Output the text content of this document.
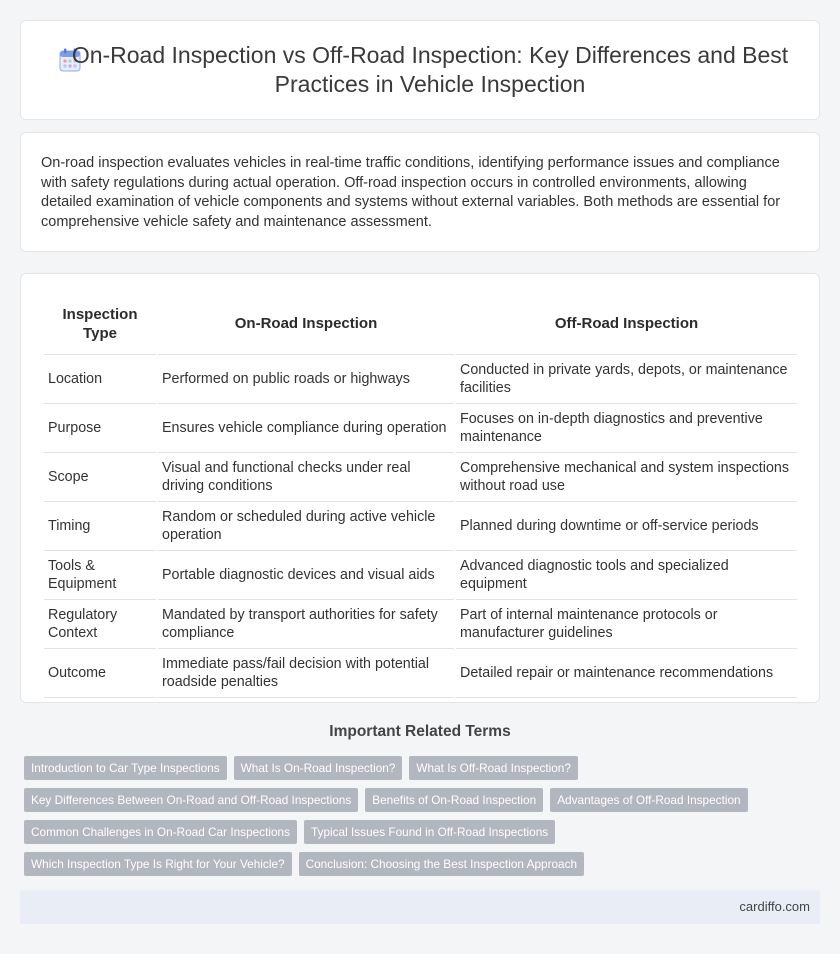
On-Road Inspection vs Off-Road Inspection: Key Differences and Best Practices in Vehicle Inspection

On-road inspection evaluates vehicles in real-time traffic conditions, identifying performance issues and compliance with safety regulations during actual operation. Off-road inspection occurs in controlled environments, allowing detailed examination of vehicle components and systems without external variables. Both methods are essential for comprehensive vehicle safety and maintenance assessment.

Inspection Type	On-Road Inspection	Off-Road Inspection
Location	Performed on public roads or highways	Conducted in private yards, depots, or maintenance facilities
Purpose	Ensures vehicle compliance during operation	Focuses on in-depth diagnostics and preventive maintenance
Scope	Visual and functional checks under real driving conditions	Comprehensive mechanical and system inspections without road use
Timing	Random or scheduled during active vehicle operation	Planned during downtime or off-service periods
Tools & Equipment	Portable diagnostic devices and visual aids	Advanced diagnostic tools and specialized equipment
Regulatory Context	Mandated by transport authorities for safety compliance	Part of internal maintenance protocols or manufacturer guidelines
Outcome	Immediate pass/fail decision with potential roadside penalties	Detailed repair or maintenance recommendations
Important Related Terms
Introduction to Car Type Inspections	What Is On-Road Inspection?	What Is Off-Road Inspection?
Key Differences Between On-Road and Off-Road Inspections	Benefits of On-Road Inspection	Advantages of Off-Road Inspection
Common Challenges in On-Road Car Inspections	Typical Issues Found in Off-Road Inspections
Which Inspection Type Is Right for Your Vehicle?	Conclusion: Choosing the Best Inspection Approach
cardiffo.com
